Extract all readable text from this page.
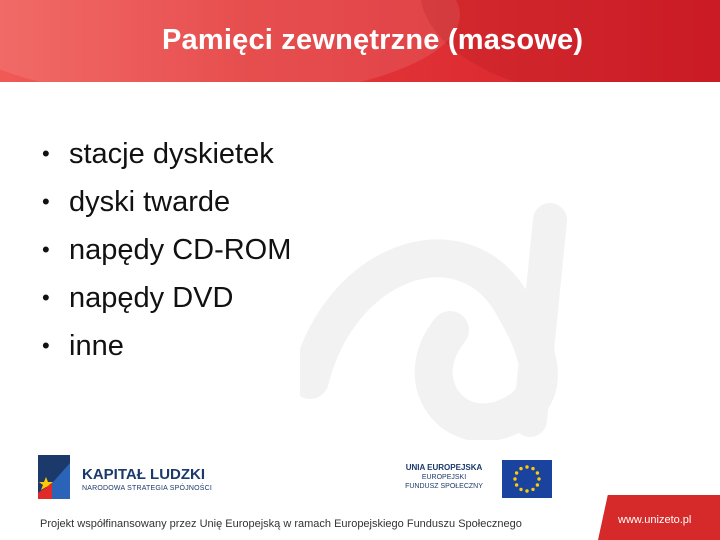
Pamięci zewnętrzne (masowe)
• stacje dyskietek
• dyski twarde
• napędy CD-ROM
• napędy DVD
• inne
KAPITAŁ LUDZKI
NARODOWA STRATEGIA SPÓJNOŚCI
UNIA EUROPEJSKA
EUROPEJSKI
FUNDUSZ SPOŁECZNY
Projekt współfinansowany przez Unię Europejską w ramach Europejskiego Funduszu Społecznego	www.unizeto.pl
